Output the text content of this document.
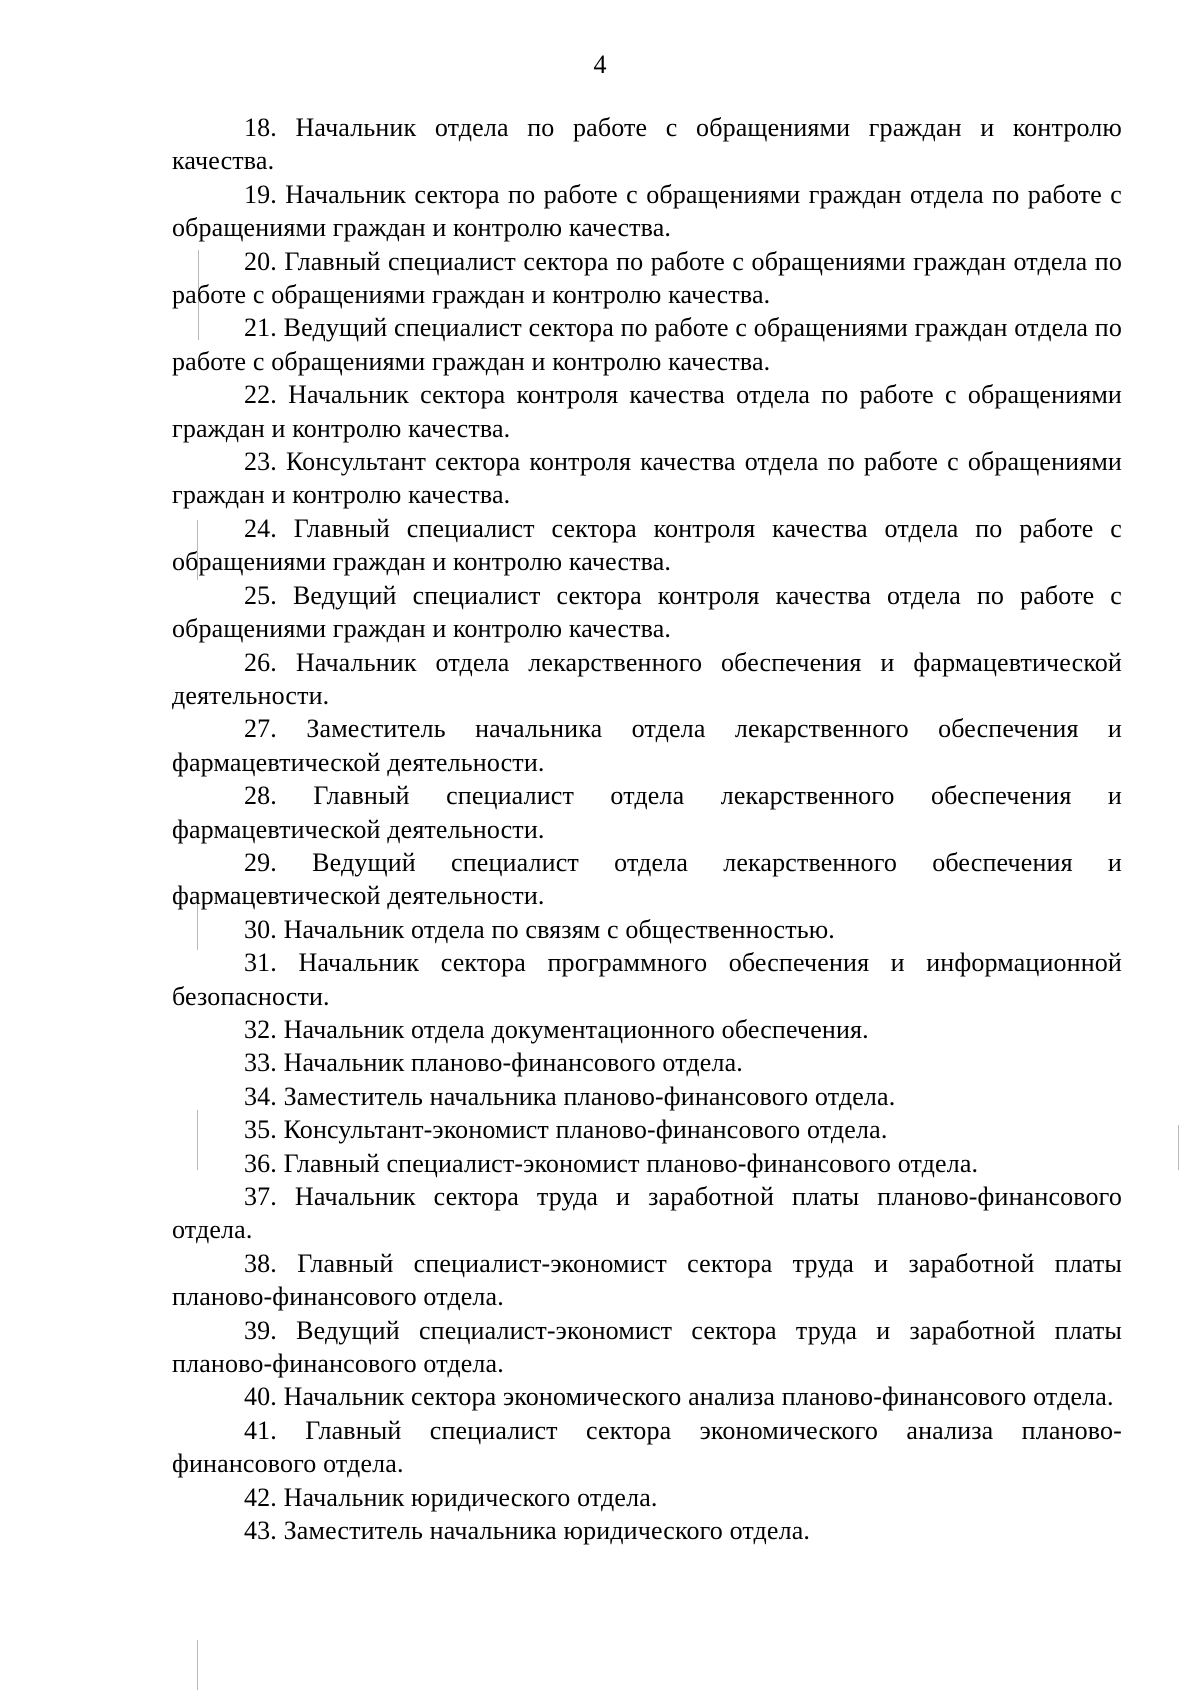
4

18. Начальник отдела по работе с обращениями граждан и контролю качества.

19. Начальник сектора по работе с обращениями граждан отдела по работе с обращениями граждан и контролю качества.

20. Главный специалист сектора по работе с обращениями граждан отдела по работе с обращениями граждан и контролю качества.

21. Ведущий специалист сектора по работе с обращениями граждан отдела по работе с обращениями граждан и контролю качества.

22. Начальник сектора контроля качества отдела по работе с обращениями граждан и контролю качества.

23. Консультант сектора контроля качества отдела по работе с обращениями граждан и контролю качества.

24. Главный специалист сектора контроля качества отдела по работе с обращениями граждан и контролю качества.

25. Ведущий специалист сектора контроля качества отдела по работе с обращениями граждан и контролю качества.

26. Начальник отдела лекарственного обеспечения и фармацевтической деятельности.

27. Заместитель начальника отдела лекарственного обеспечения и фармацевтической деятельности.

28. Главный специалист отдела лекарственного обеспечения и фармацевтической деятельности.

29. Ведущий специалист отдела лекарственного обеспечения и фармацевтической деятельности.

30. Начальник отдела по связям с общественностью.

31. Начальник сектора программного обеспечения и информационной безопасности.

32. Начальник отдела документационного обеспечения.

33. Начальник планово-финансового отдела.

34. Заместитель начальника планово-финансового отдела.

35. Консультант-экономист планово-финансового отдела.

36. Главный специалист-экономист планово-финансового отдела.

37. Начальник сектора труда и заработной платы планово-финансового отдела.

38. Главный специалист-экономист сектора труда и заработной платы планово-финансового отдела.

39. Ведущий специалист-экономист сектора труда и заработной платы планово-финансового отдела.

40. Начальник сектора экономического анализа планово-финансового отдела.

41. Главный специалист сектора экономического анализа планово-финансового отдела.

42. Начальник юридического отдела.

43. Заместитель начальника юридического отдела.
